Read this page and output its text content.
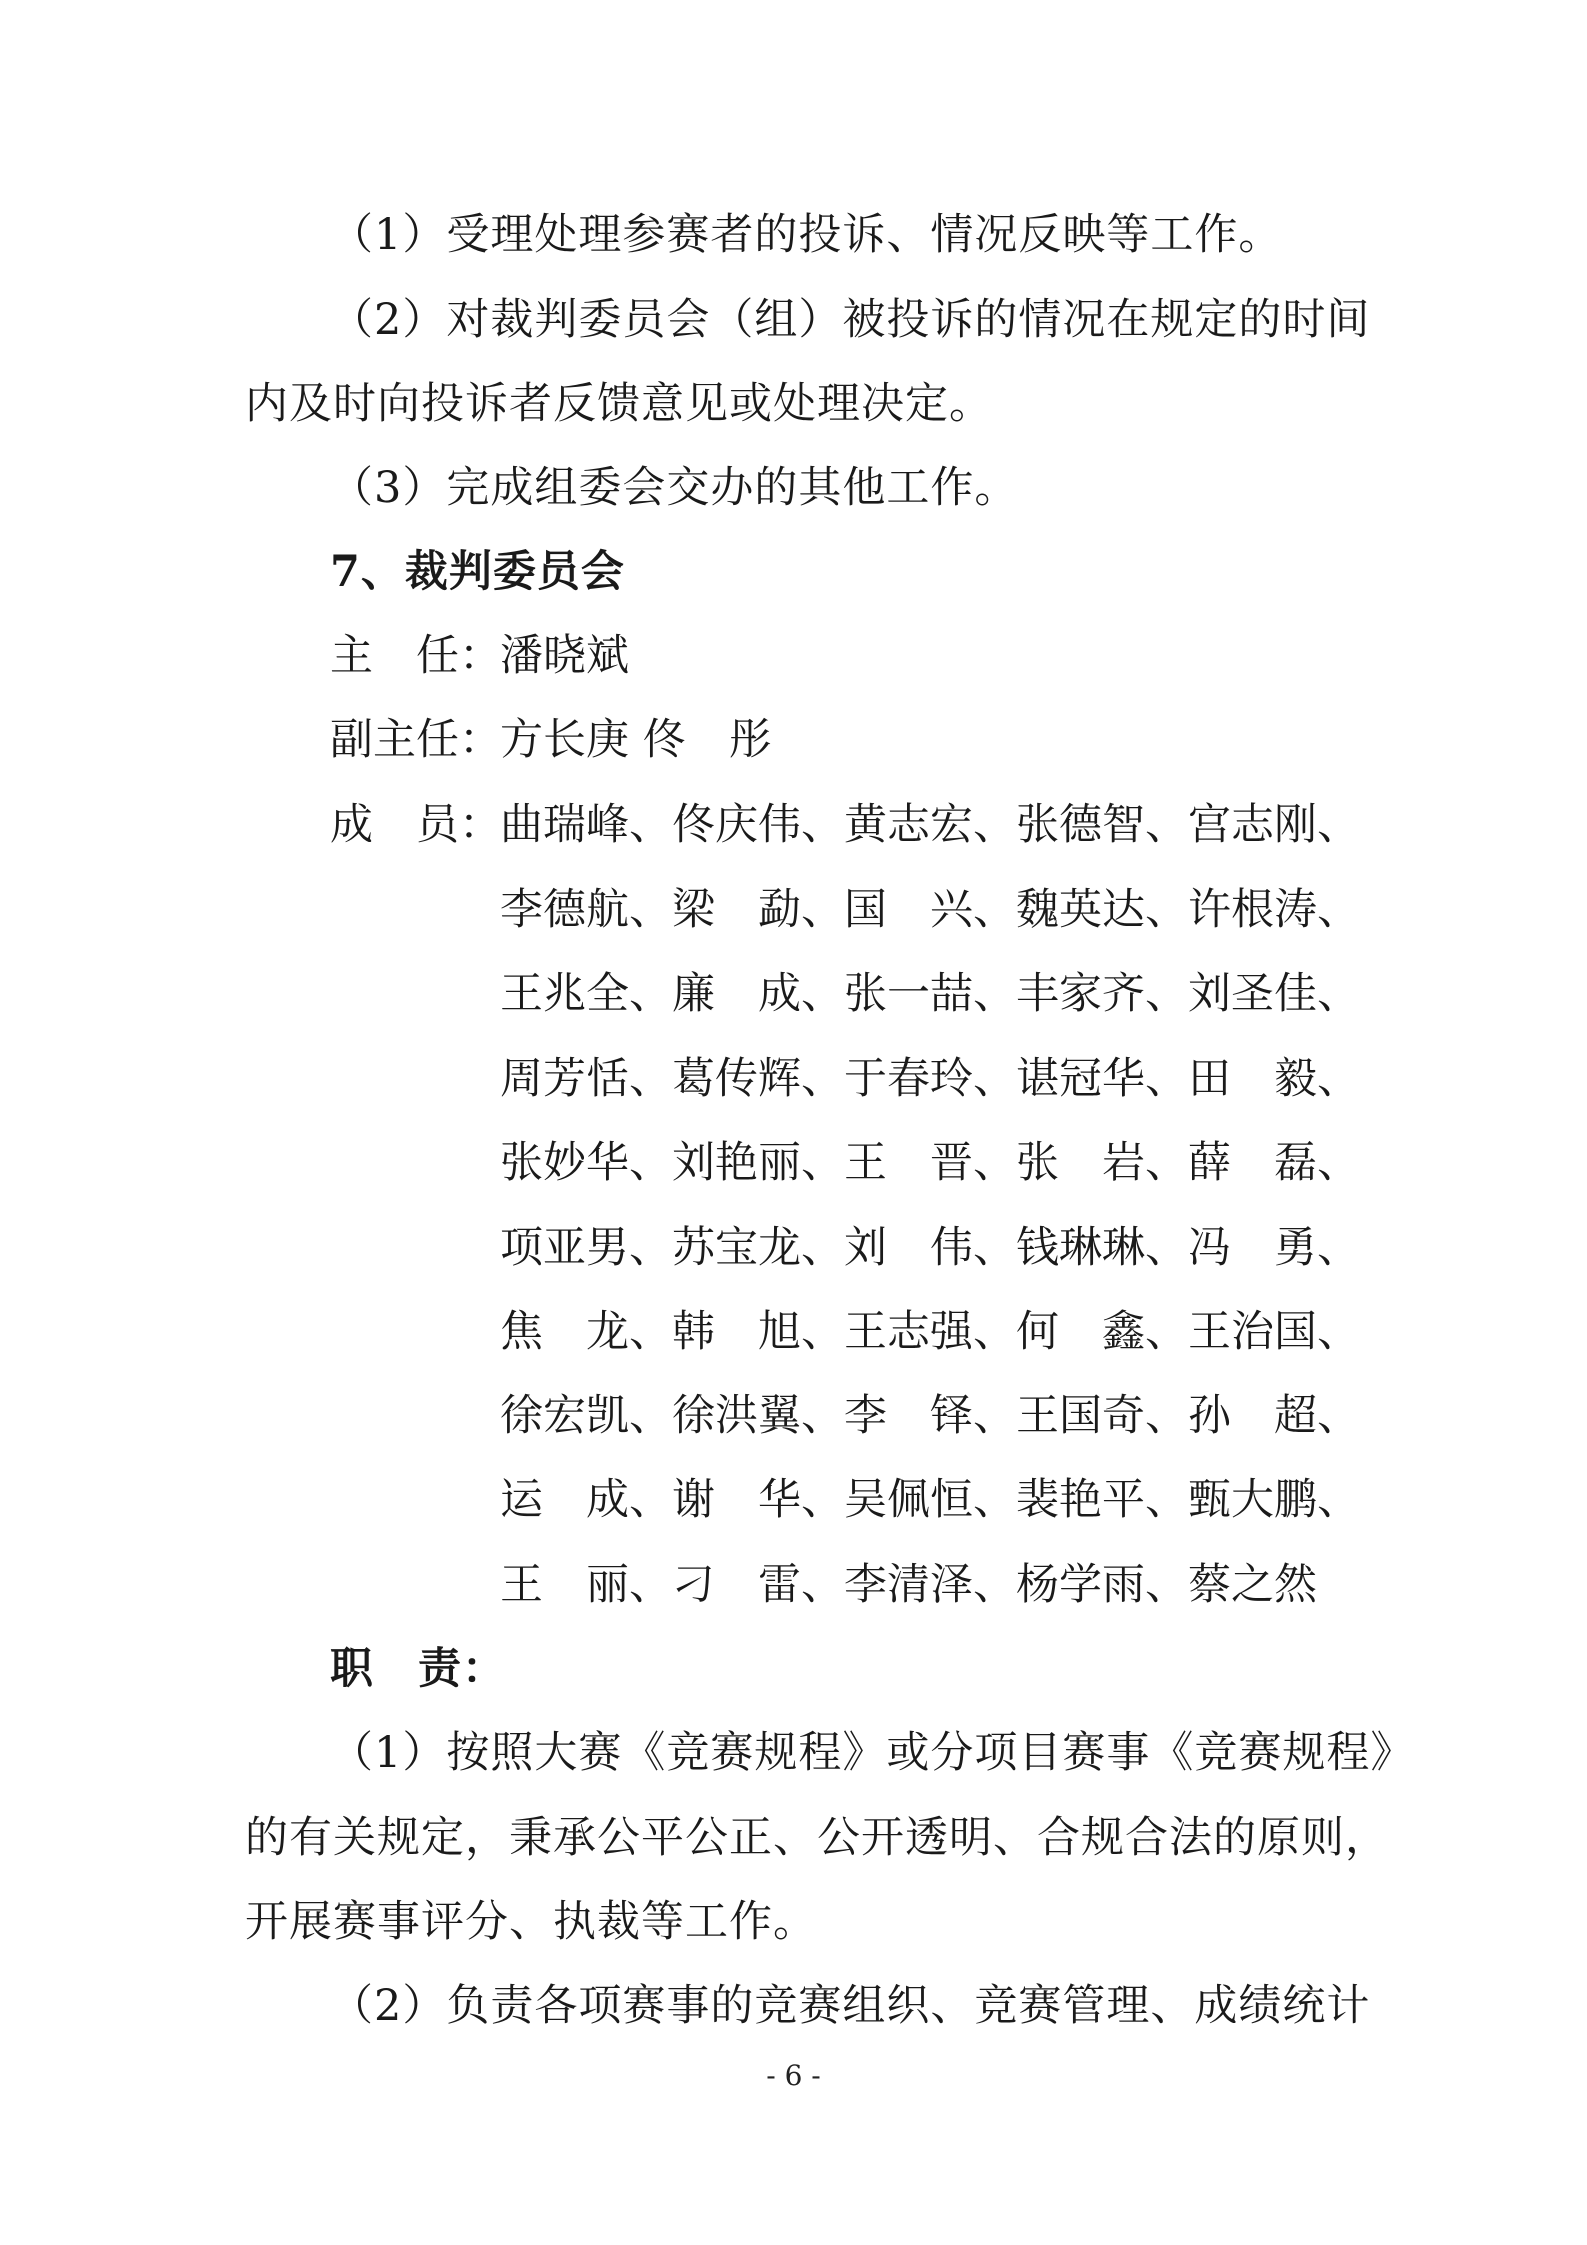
（1）受理处理参赛者的投诉、情况反映等工作。
（2）对裁判委员会（组）被投诉的情况在规定的时间
内及时向投诉者反馈意见或处理决定。
（3）完成组委会交办的其他工作。
7、裁判委员会
主　任：
潘晓斌
副主任：
方长庚 佟　彤
成　员：
曲瑞峰、佟庆伟、黄志宏、张德智、宫志刚、
李德航、梁　勐、国　兴、魏英达、许根涛、
王兆全、廉　成、张一喆、丰家齐、刘圣佳、
周芳恬、葛传辉、于春玲、谌冠华、田　毅、
张妙华、刘艳丽、王　晋、张　岩、薛　磊、
项亚男、苏宝龙、刘　伟、钱琳琳、冯　勇、
焦　龙、韩　旭、王志强、何　鑫、王治国、
徐宏凯、徐洪翼、李　铎、王国奇、孙　超、
运　成、谢　华、吴佩恒、裴艳平、甄大鹏、
王　丽、刁　雷、李清泽、杨学雨、蔡之然
职　责：
（1）按照大赛《竞赛规程》或分项目赛事《竞赛规程》
的有关规定，秉承公平公正、公开透明、合规合法的原则，
开展赛事评分、执裁等工作。
（2）负责各项赛事的竞赛组织、竞赛管理、成绩统计
- 6 -
